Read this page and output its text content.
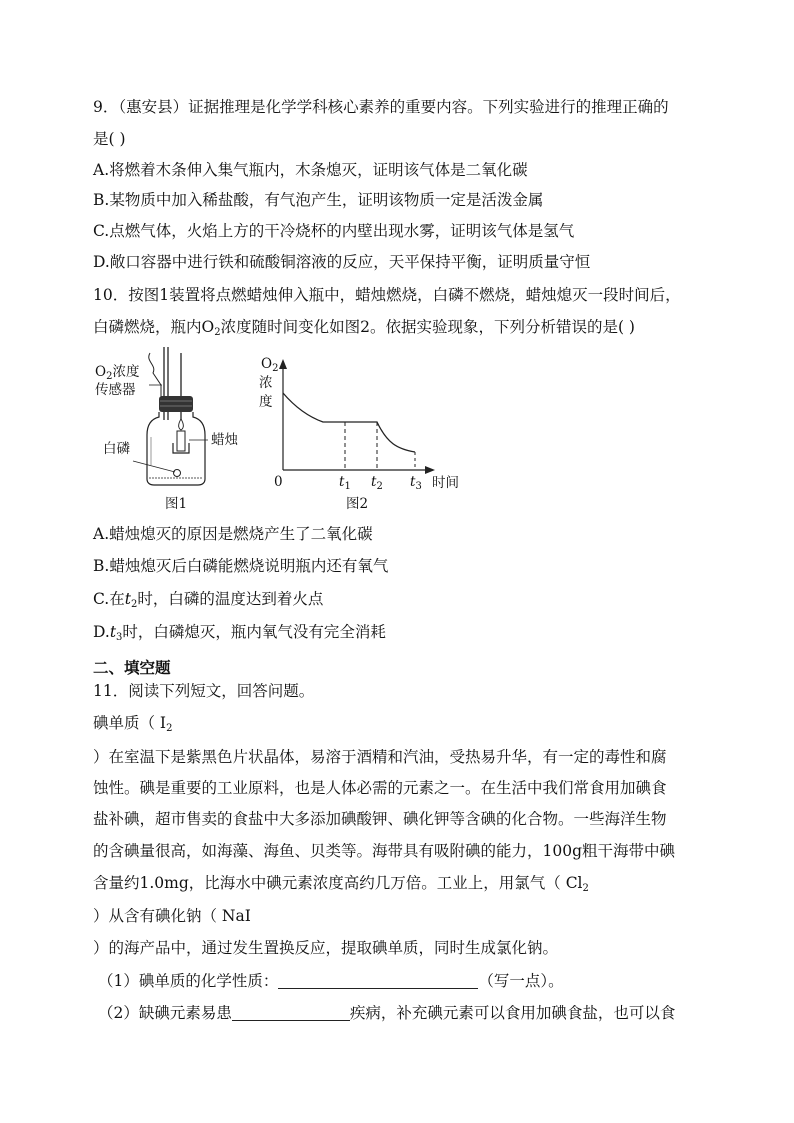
9．（惠安县）证据推理是化学学科核心素养的重要内容。下列实验进行的推理正确的
是( )
A.将燃着木条伸入集气瓶内，木条熄灭，证明该气体是二氧化碳
B.某物质中加入稀盐酸，有气泡产生，证明该物质一定是活泼金属
C.点燃气体，火焰上方的干冷烧杯的内壁出现水雾，证明该气体是氢气
D.敞口容器中进行铁和硫酸铜溶液的反应，天平保持平衡，证明质量守恒
10．按图1装置将点燃蜡烛伸入瓶中，蜡烛燃烧，白磷不燃烧，蜡烛熄灭一段时间后，
白磷燃烧，瓶内$O_2$浓度随时间变化如图2。依据实验现象，下列分析错误的是( )
$O_2$浓度
传感器
白磷
蜡烛
图1
$O_2$
浓
度
0	$t_1$ $t_2$ $t_3$ 时间
图2
A.蜡烛熄灭的原因是燃烧产生了二氧化碳
B.蜡烛熄灭后白磷能燃烧说明瓶内还有氧气
C.在$t_2$时，白磷的温度达到着火点
$D.t_3$时，白磷熄灭，瓶内氧气没有完全消耗
二、填空题
11．阅读下列短文，回答问题。
碘单质（ $I_2$
）在室温下是紫黑色片状晶体，易溶于酒精和汽油，受热易升华，有一定的毒性和腐
蚀性。碘是重要的工业原料，也是人体必需的元素之一。在生活中我们常食用加碘食
盐补碘，超市售卖的食盐中大多添加碘酸钾、碘化钾等含碘的化合物。一些海洋生物
的含碘量很高，如海藻、海鱼、贝类等。海带具有吸附碘的能力，100g粗干海带中碘
含量约1.0mg，比海水中碘元素浓度高约几万倍。工业上，用氯气（ $Cl_2$
）从含有碘化钠（ NaI
）的海产品中，通过发生置换反应，提取碘单质，同时生成氯化钠。
（1）碘单质的化学性质：	（写一点）。
（2）缺碘元素易患	疾病，补充碘元素可以食用加碘食盐，也可以食
